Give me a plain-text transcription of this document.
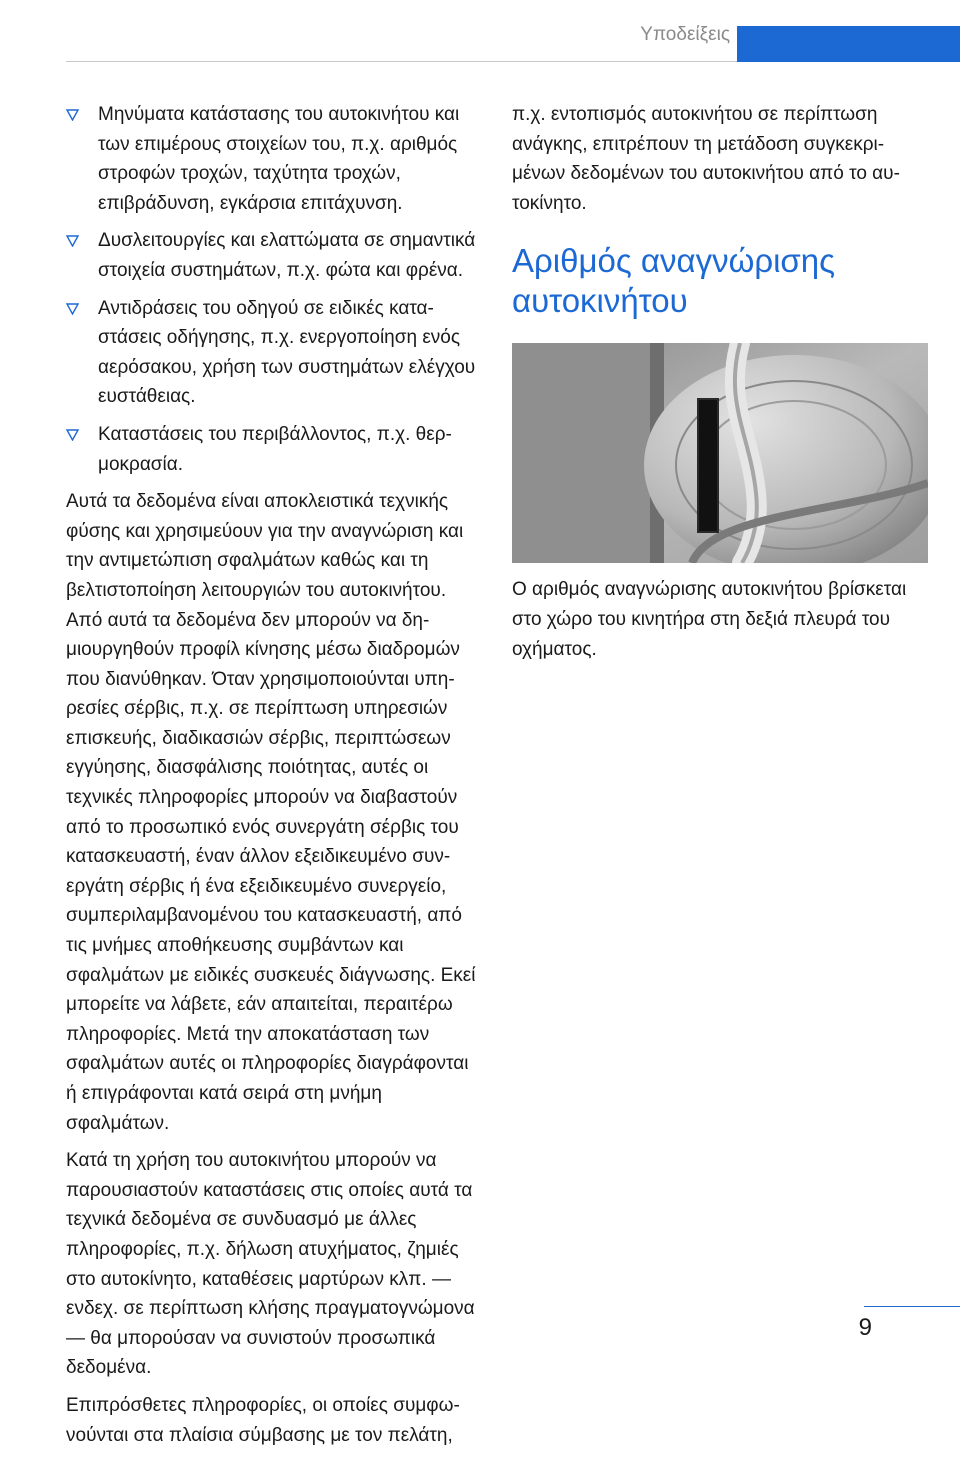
Υποδείξεις
Μηνύματα κατάστασης του αυτοκινήτου και των επιμέρους στοιχείων του, π.χ. αριθμός στροφών τροχών, ταχύτητα τροχών, επιβράδυνση, εγκάρσια επιτάχυνση.
Δυσλειτουργίες και ελαττώματα σε σημαντικά στοιχεία συστημάτων, π.χ. φώτα και φρένα.
Αντιδράσεις του οδηγού σε ειδικές καταστάσεις οδήγησης, π.χ. ενεργοποίηση ενός αερόσακου, χρήση των συστημάτων ελέγχου ευστάθειας.
Καταστάσεις του περιβάλλοντος, π.χ. θερμοκρασία.

Αυτά τα δεδομένα είναι αποκλειστικά τεχνικής φύσης και χρησιμεύουν για την αναγνώριση και την αντιμετώπιση σφαλμάτων καθώς και τη βελτιστοποίηση λειτουργιών του αυτοκινήτου. Από αυτά τα δεδομένα δεν μπορούν να δημιουργηθούν προφίλ κίνησης μέσω διαδρομών που διανύθηκαν. Όταν χρησιμοποιούνται υπηρεσίες σέρβις, π.χ. σε περίπτωση υπηρεσιών επισκευής, διαδικασιών σέρβις, περιπτώσεων εγγύησης, διασφάλισης ποιότητας, αυτές οι τεχνικές πληροφορίες μπορούν να διαβαστούν από το προσωπικό ενός συνεργάτη σέρβις του κατασκευαστή, έναν άλλον εξειδικευμένο συνεργάτη σέρβις ή ένα εξειδικευμένο συνεργείο, συμπεριλαμβανομένου του κατασκευαστή, από τις μνήμες αποθήκευσης συμβάντων και σφαλμάτων με ειδικές συσκευές διάγνωσης. Εκεί μπορείτε να λάβετε, εάν απαιτείται, περαιτέρω πληροφορίες. Μετά την αποκατάσταση των σφαλμάτων αυτές οι πληροφορίες διαγράφονται ή επιγράφονται κατά σειρά στη μνήμη σφαλμάτων.

Κατά τη χρήση του αυτοκινήτου μπορούν να παρουσιαστούν καταστάσεις στις οποίες αυτά τα τεχνικά δεδομένα σε συνδυασμό με άλλες πληροφορίες, π.χ. δήλωση ατυχήματος, ζημιές στο αυτοκίνητο, καταθέσεις μαρτύρων κλπ. — ενδεχ. σε περίπτωση κλήσης πραγματογνώμονα — θα μπορούσαν να συνιστούν προσωπικά δεδομένα.

Επιπρόσθετες πληροφορίες, οι οποίες συμφωνούνται στα πλαίσια σύμβασης με τον πελάτη,

π.χ. εντοπισμός αυτοκινήτου σε περίπτωση ανάγκης, επιτρέπουν τη μετάδοση συγκεκριμένων δεδομένων του αυτοκινήτου από το αυτοκίνητο.

Αριθμός αναγνώρισης αυτοκινήτου

Ο αριθμός αναγνώρισης αυτοκινήτου βρίσκεται στο χώρο του κινητήρα στη δεξιά πλευρά του οχήματος.

9
Online Edition for Part no. 01402977946 - II/17
